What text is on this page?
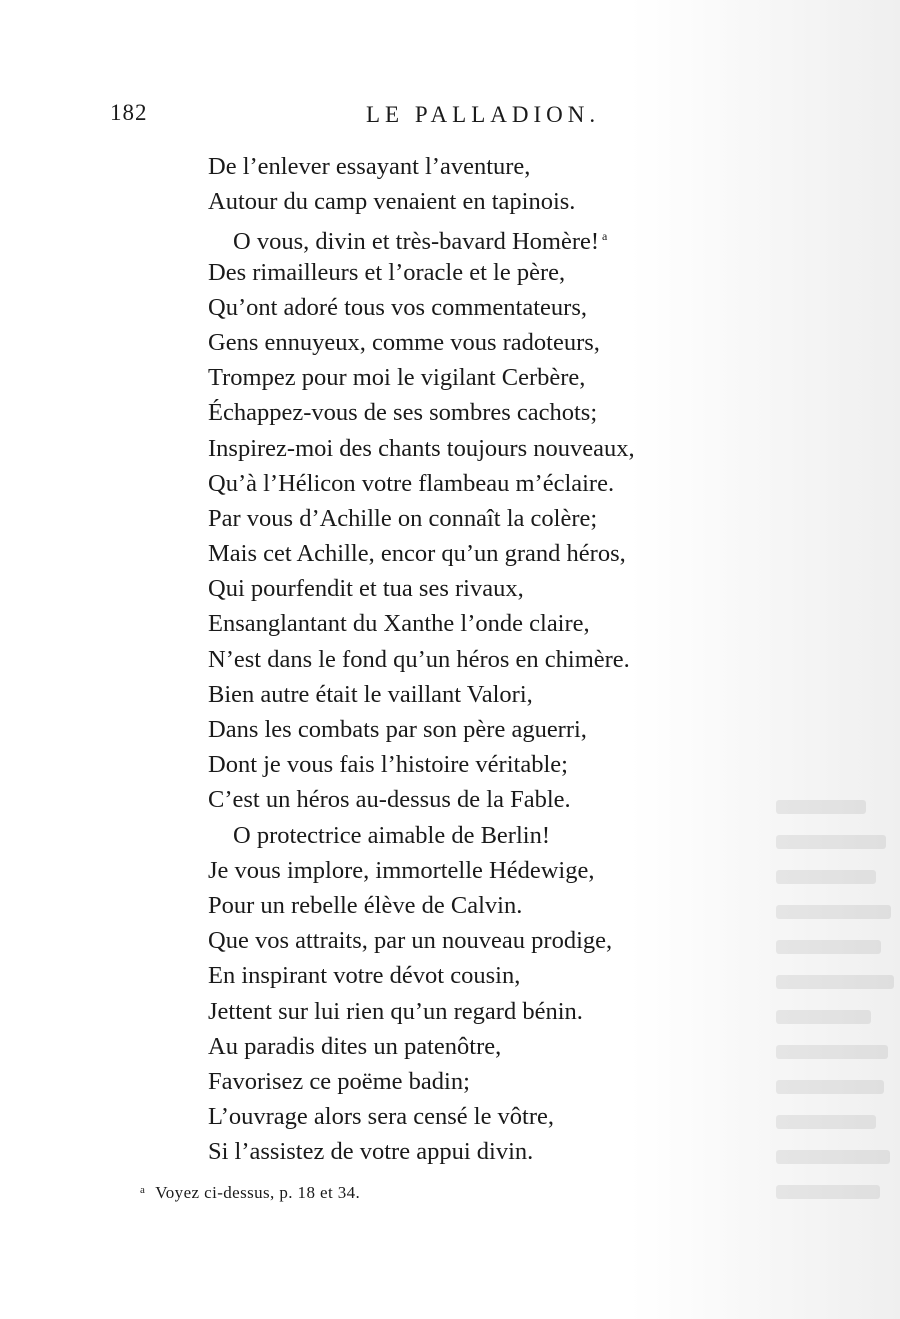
182	LE PALLADION.
De l’enlever essayant l’aventure,
Autour du camp venaient en tapinois.
O vous, divin et très-bavard Homère! $^a$
Des rimailleurs et l’oracle et le père,
Qu’ont adoré tous vos commentateurs,
Gens ennuyeux, comme vous radoteurs,
Trompez pour moi le vigilant Cerbère,
Échappez-vous de ses sombres cachots;
Inspirez-moi des chants toujours nouveaux,
Qu’à l’Hélicon votre flambeau m’éclaire.
Par vous d’Achille on connaît la colère;
Mais cet Achille, encor qu’un grand héros,
Qui pourfendit et tua ses rivaux,
Ensanglantant du Xanthe l’onde claire,
N’est dans le fond qu’un héros en chimère.
Bien autre était le vaillant Valori,
Dans les combats par son père aguerri,
Dont je vous fais l’histoire véritable;
C’est un héros au-dessus de la Fable.
O protectrice aimable de Berlin!
Je vous implore, immortelle Hédewige,
Pour un rebelle élève de Calvin.
Que vos attraits, par un nouveau prodige,
En inspirant votre dévot cousin,
Jettent sur lui rien qu’un regard bénin.
Au paradis dites un patenôtre,
Favorisez ce poëme badin;
L’ouvrage alors sera censé le vôtre,
Si l’assistez de votre appui divin.
$^a$ Voyez ci-dessus, p. 18 et 34.
